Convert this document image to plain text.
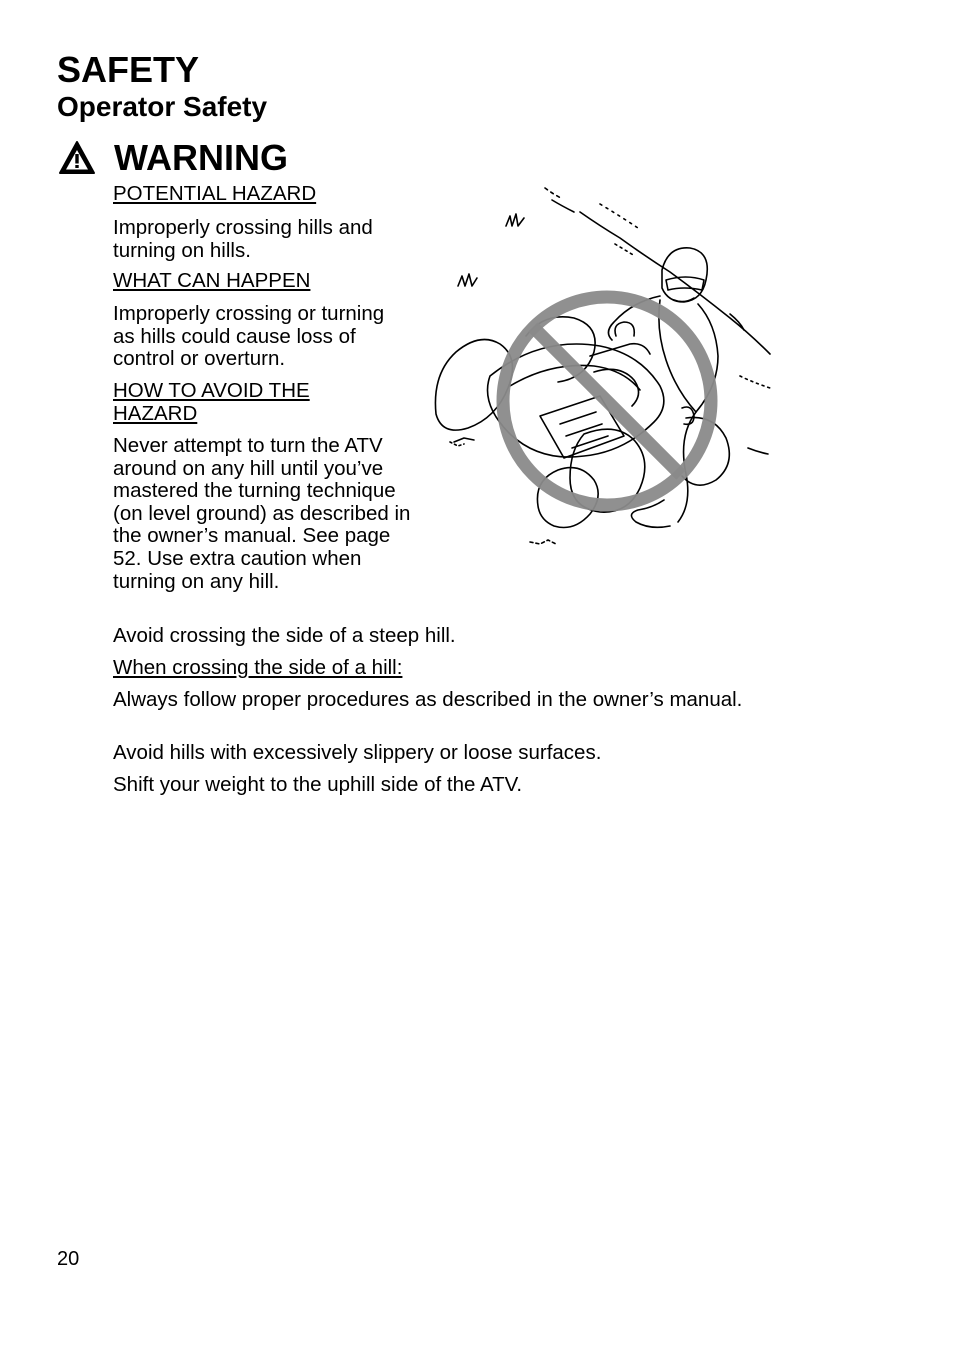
SAFETY
Operator Safety
WARNING

POTENTIAL HAZARD

Improperly crossing hills and turning on hills.

WHAT CAN HAPPEN

Improperly crossing or turning as hills could cause loss of control or overturn.

HOW TO AVOID THE HAZARD

Never attempt to turn the ATV around on any hill until you’ve mastered the turning technique (on level ground) as described in the owner’s manual. See page 52. Use extra caution when turning on any hill.

Avoid crossing the side of a steep hill.

When crossing the side of a hill:

Always follow proper procedures as described in the owner’s manual.

Avoid hills with excessively slippery or loose surfaces.

Shift your weight to the uphill side of the ATV.

20
